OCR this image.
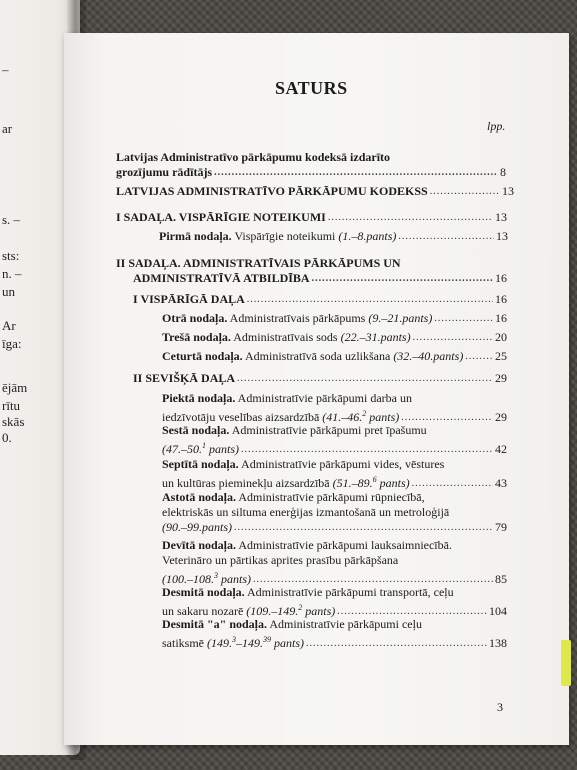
–
ar
s. –
sts:
n. –
un
Ar
īga:
ējām
rītu
skās
0.
SATURS
lpp.
Latvijas Administratīvo pārkāpumu kodeksā izdarīto
grozījumu rādītājs .....	8
LATVIJAS ADMINISTRATĪVO PĀRKĀPUMU KODEKSS .....	13
I SADAĻA. VISPĀRĪGIE NOTEIKUMI .....	13
Pirmā nodaļa. Vispārīgie noteikumi (1.–8.pants) .....	13
II SADAĻA. ADMINISTRATĪVAIS PĀRKĀPUMS UN
ADMINISTRATĪVĀ ATBILDĪBA .....	16
I VISPĀRĪGĀ DAĻA .....	16
Otrā nodaļa. Administratīvais pārkāpums (9.–21.pants) .....	16
Trešā nodaļa. Administratīvais sods (22.–31.pants) .....	20
Ceturtā nodaļa. Administratīvā soda uzlikšana (32.–40.pants) .....	25
II SEVIŠĶĀ DAĻA .....	29
Piektā nodaļa. Administratīvie pārkāpumi darba un
iedzīvotāju veselības aizsardzībā (41.–46.$^2$ pants) .....	29
Sestā nodaļa. Administratīvie pārkāpumi pret īpašumu
(47.–50.$^1$ pants) .....	42
Septītā nodaļa. Administratīvie pārkāpumi vides, vēstures
un kultūras pieminekļu aizsardzībā (51.–89.$^6$ pants) .....	43
Astotā nodaļa. Administratīvie pārkāpumi rūpniecībā,
elektriskās un siltuma enerģijas izmantošanā un metroloģijā
(90.–99.pants) .....	79
Devītā nodaļa. Administratīvie pārkāpumi lauksaimniecībā.
Veterināro un pārtikas aprites prasību pārkāpšana
(100.–108.$^3$ pants) .....	85
Desmitā nodaļa. Administratīvie pārkāpumi transportā, ceļu
un sakaru nozarē (109.–149.$^2$ pants) .....	104
Desmitā "a" nodaļa. Administratīvie pārkāpumi ceļu
satiksmē (149.$^3$–149.39 pants) .....	138
3
